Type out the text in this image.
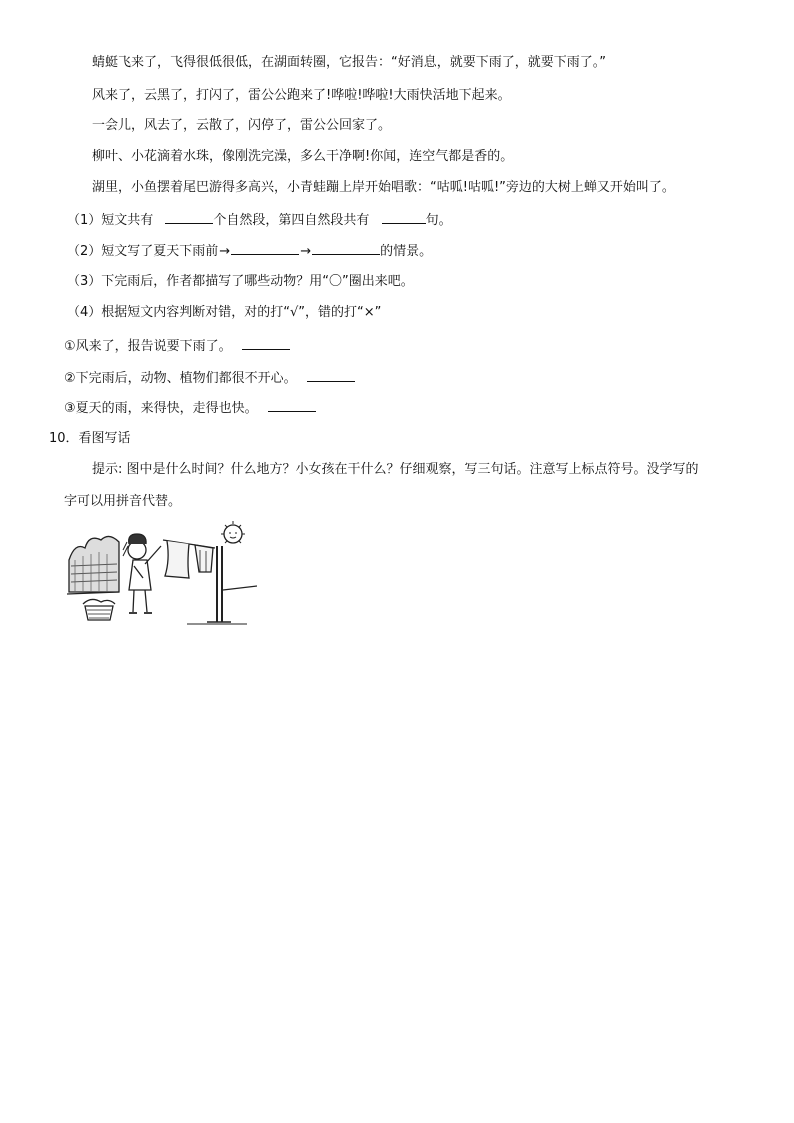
蜻蜓飞来了，飞得很低很低，在湖面转圈，它报告：“好消息，就要下雨了，就要下雨了。”
风来了，云黑了，打闪了，雷公公跑来了!哗啦!哗啦!大雨快活地下起来。
一会儿，风去了，云散了，闪停了，雷公公回家了。
柳叶、小花滴着水珠，像刚洗完澡，多么干净啊!你闻，连空气都是香的。
湖里，小鱼摆着尾巴游得多高兴，小青蛙蹦上岸开始唱歌：“咕呱!咕呱!”旁边的大树上蝉又开始叫了。
（1）短文共有	个自然段，第四自然段共有	句。
（2）短文写了夏天下雨前→	→	的情景。
（3）下完雨后，作者都描写了哪些动物？用“〇”圈出来吧。
（4）根据短文内容判断对错，对的打“√”，错的打“×”
①风来了，报告说要下雨了。
②下完雨后，动物、植物们都很不开心。
③夏天的雨，来得快，走得也快。
10．看图写话
提示: 图中是什么时间？什么地方？小女孩在干什么？仔细观察，写三句话。注意写上标点符号。没学写的
字可以用拼音代替。
